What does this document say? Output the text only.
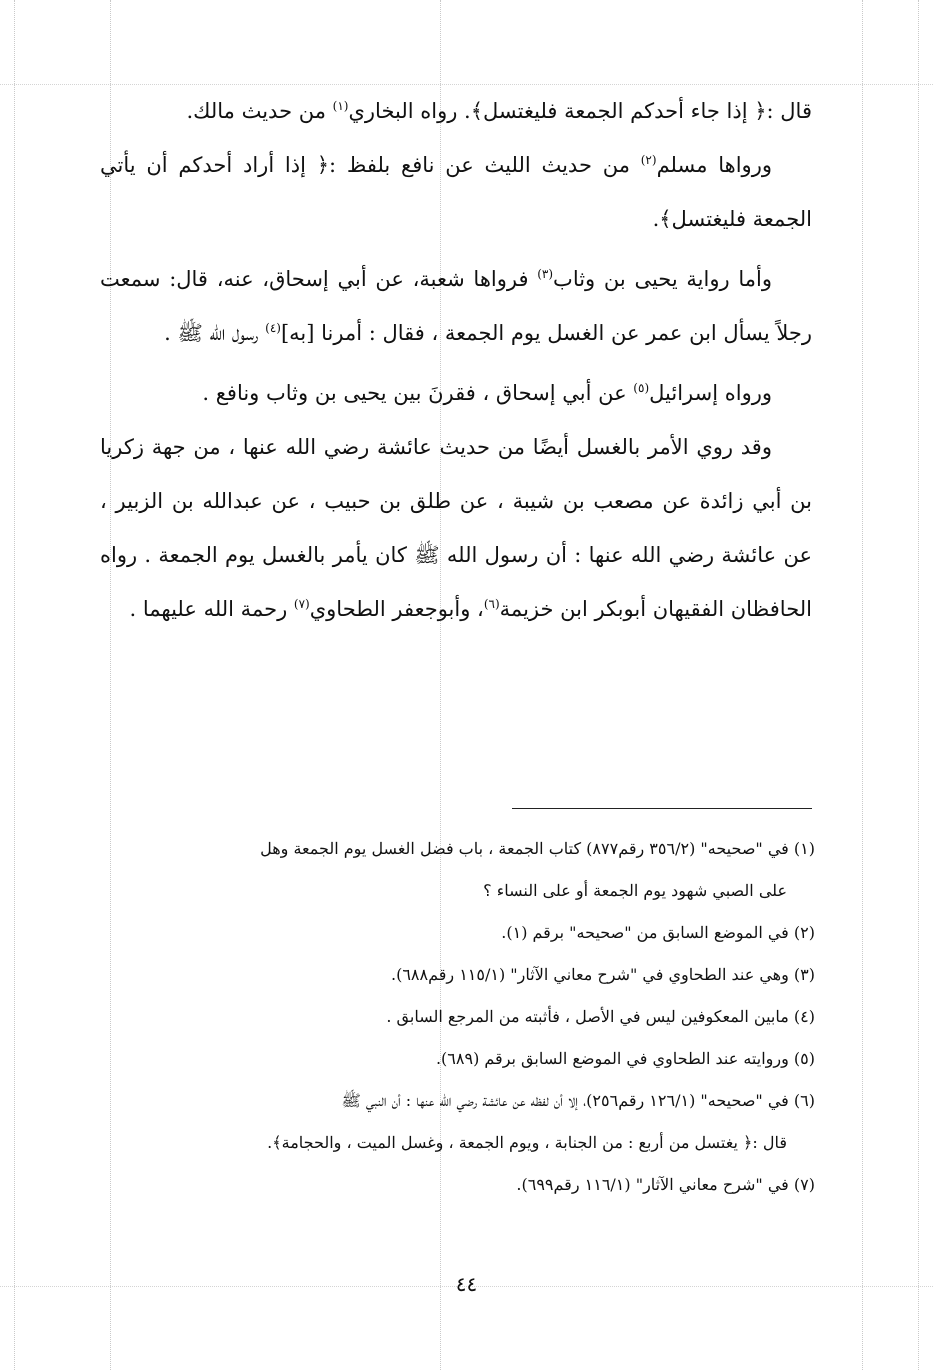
قال :﴿ إذا جاء أحدكم الجمعة فليغتسل﴾. رواه البخاري$^{(١)}$ من حديث مالك.

ورواها مسلم$^{(٢)}$ من حديث الليث عن نافع بلفظ :﴿ إذا أراد أحدكم أن يأتي الجمعة فليغتسل﴾.

وأما رواية يحيى بن وثاب$^{(٣)}$ فرواها شعبة، عن أبي إسحاق، عنه، قال: سمعت رجلاً يسأل ابن عمر عن الغسل يوم الجمعة ، فقال : أمرنا [به]$^{(٤)}$ رسول الله ﷺ .

ورواه إسرائيل$^{(٥)}$ عن أبي إسحاق ، فقرنَ بين يحيى بن وثاب ونافع .

وقد روي الأمر بالغسل أيضًا من حديث عائشة رضي الله عنها ، من جهة زكريا بن أبي زائدة عن مصعب بن شيبة ، عن طلق بن حبيب ، عن عبدالله بن الزبير ، عن عائشة رضي الله عنها : أن رسول الله ﷺ كان يأمر بالغسل يوم الجمعة . رواه الحافظان الفقيهان أبوبكر ابن خزيمة$^{(٦)}$، وأبوجعفر الطحاوي$^{(٧)}$ رحمة الله عليهما .

(١) في "صحيحه" (٣٥٦/٢ رقم٨٧٧) كتاب الجمعة ، باب فضل الغسل يوم الجمعة وهل

على الصبي شهود يوم الجمعة أو على النساء ؟

(٢) في الموضع السابق من "صحيحه" برقم (١).

(٣) وهي عند الطحاوي في "شرح معاني الآثار" (١١٥/١ رقم٦٨٨).

(٤) مابين المعكوفين ليس في الأصل ، فأثبته من المرجع السابق .

(٥) وروايته عند الطحاوي في الموضع السابق برقم (٦٨٩).

(٦) في "صحيحه" (١٢٦/١ رقم٢٥٦)، إلا أن لفظه عن عائشة رضي الله عنها : أن النبي ﷺ

قال :﴿ يغتسل من أربع : من الجنابة ، ويوم الجمعة ، وغسل الميت ، والحجامة﴾.

(٧) في "شرح معاني الآثار" (١١٦/١ رقم٦٩٩).

٤٤
